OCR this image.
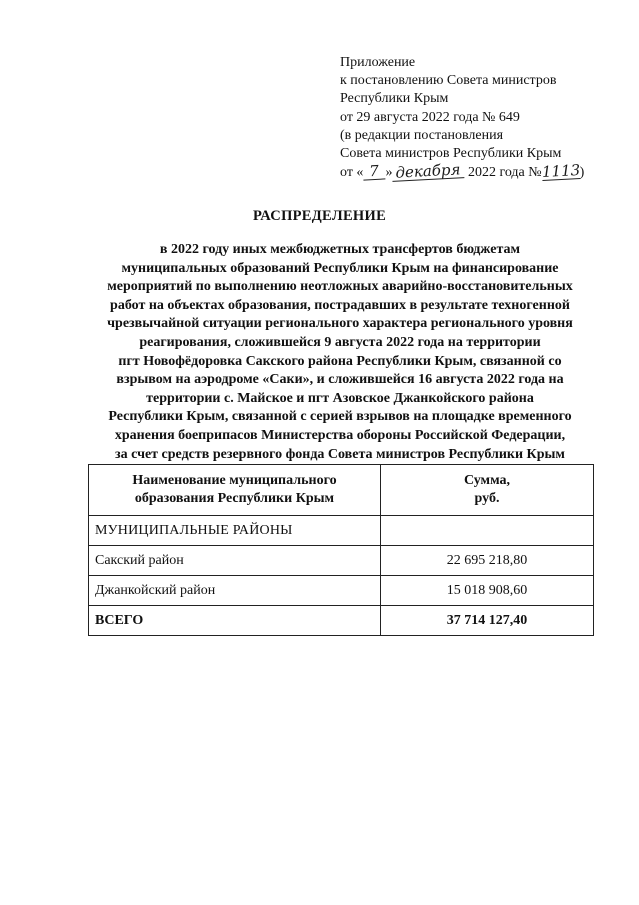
Приложение
к постановлению Совета министров
Республики Крым
от 29 августа 2022 года № 649
(в редакции постановления
Совета министров Республики Крым
от « 7 » декабря 2022 года №1113)
РАСПРЕДЕЛЕНИЕ
в 2022 году иных межбюджетных трансфертов бюджетам
муниципальных образований Республики Крым на финансирование
мероприятий по выполнению неотложных аварийно-восстановительных
работ на объектах образования, пострадавших в результате техногенной
чрезвычайной ситуации регионального характера регионального уровня
реагирования, сложившейся 9 августа 2022 года на территории
пгт Новофёдоровка Сакского района Республики Крым, связанной со
взрывом на аэродроме «Саки», и сложившейся 16 августа 2022 года на
территории с. Майское и пгт Азовское Джанкойского района
Республики Крым, связанной с серией взрывов на площадке временного
хранения боеприпасов Министерства обороны Российской Федерации,
за счет средств резервного фонда Совета министров Республики Крым
Наименование муниципального
образования Республики Крым	Сумма,
руб.
МУНИЦИПАЛЬНЫЕ РАЙОНЫ	
Сакский район	22 695 218,80
Джанкойский район	15 018 908,60
ВСЕГО	37 714 127,40
